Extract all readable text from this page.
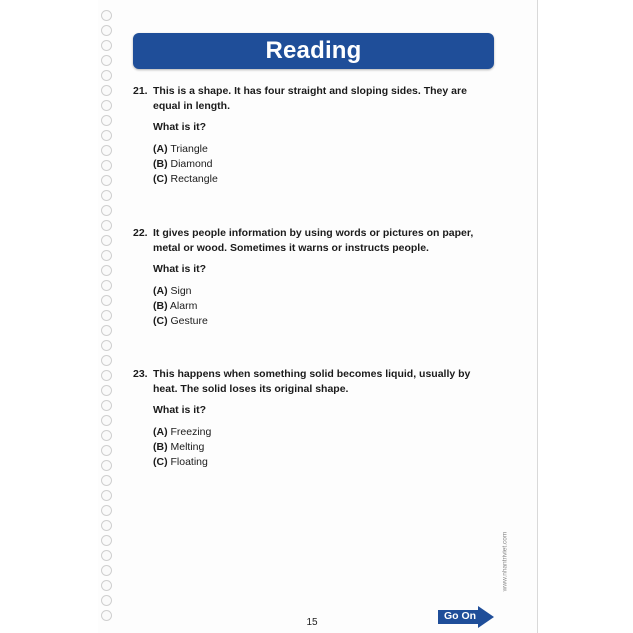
Reading
21. This is a shape. It has four straight and sloping sides. They are equal in length.
What is it?
(A) Triangle
(B) Diamond
(C) Rectangle
22. It gives people information by using words or pictures on paper, metal or wood. Sometimes it warns or instructs people.
What is it?
(A) Sign
(B) Alarm
(C) Gesture
23. This happens when something solid becomes liquid, usually by heat. The solid loses its original shape.
What is it?
(A) Freezing
(B) Melting
(C) Floating
www.nhantriviet.com
15
Go On
